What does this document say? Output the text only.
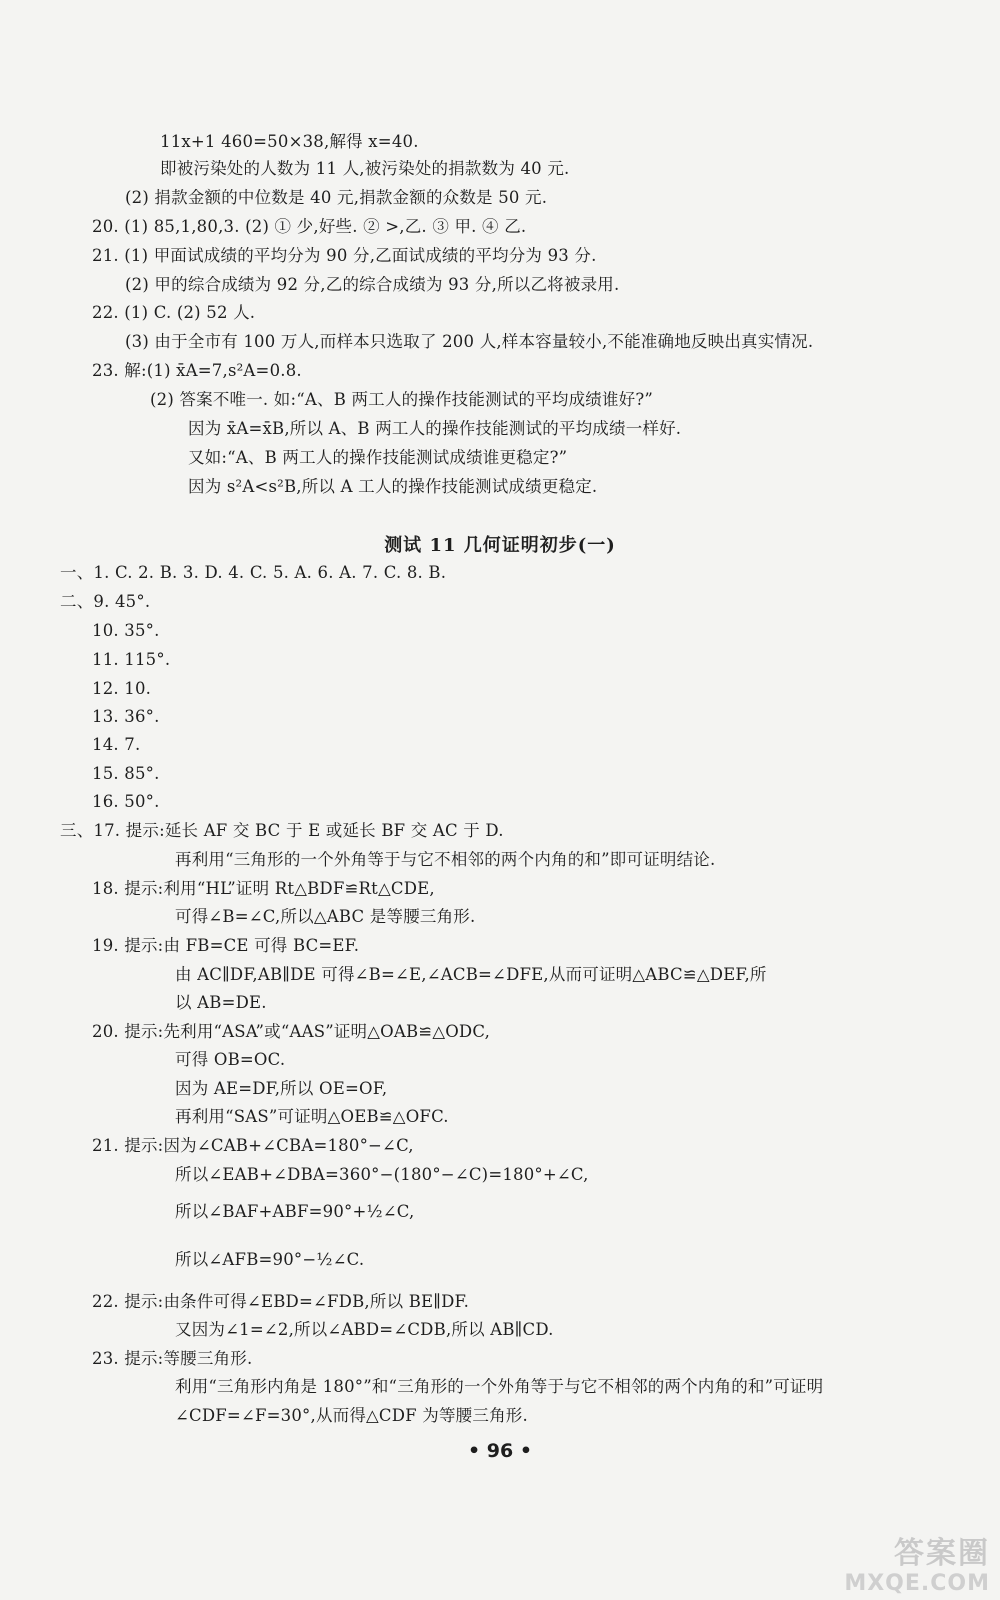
11x+1 460=50×38,解得 x=40.
即被污染处的人数为 11 人,被污染处的捐款数为 40 元.
(2) 捐款金额的中位数是 40 元,捐款金额的众数是 50 元.
20. (1) 85,1,80,3. (2) ① 少,好些. ② >,乙. ③ 甲. ④ 乙.
21. (1) 甲面试成绩的平均分为 90 分,乙面试成绩的平均分为 93 分.
(2) 甲的综合成绩为 92 分,乙的综合成绩为 93 分,所以乙将被录用.
22. (1) C. (2) 52 人.
(3) 由于全市有 100 万人,而样本只选取了 200 人,样本容量较小,不能准确地反映出真实情况.
23. 解:(1) x̄A=7,s²A=0.8.
(2) 答案不唯一. 如:“A、B 两工人的操作技能测试的平均成绩谁好?”
因为 x̄A=x̄B,所以 A、B 两工人的操作技能测试的平均成绩一样好.
又如:“A、B 两工人的操作技能测试成绩谁更稳定?”
因为 s²A<s²B,所以 A 工人的操作技能测试成绩更稳定.
一、1. C. 2. B. 3. D. 4. C. 5. A. 6. A. 7. C. 8. B.
二、9. 45°.
10. 35°.
11. 115°.
12. 10.
13. 36°.
14. 7.
15. 85°.
16. 50°.
三、17. 提示:延长 AF 交 BC 于 E 或延长 BF 交 AC 于 D.
再利用“三角形的一个外角等于与它不相邻的两个内角的和”即可证明结论.
18. 提示:利用“HL”证明 Rt△BDF≌Rt△CDE,
可得∠B=∠C,所以△ABC 是等腰三角形.
19. 提示:由 FB=CE 可得 BC=EF.
由 AC∥DF,AB∥DE 可得∠B=∠E,∠ACB=∠DFE,从而可证明△ABC≌△DEF,所
以 AB=DE.
20. 提示:先利用“ASA”或“AAS”证明△OAB≌△ODC,
可得 OB=OC.
因为 AE=DF,所以 OE=OF,
再利用“SAS”可证明△OEB≌△OFC.
21. 提示:因为∠CAB+∠CBA=180°−∠C,
所以∠EAB+∠DBA=360°−(180°−∠C)=180°+∠C,
所以∠BAF+ABF=90°+½∠C,
所以∠AFB=90°−½∠C.
22. 提示:由条件可得∠EBD=∠FDB,所以 BE∥DF.
又因为∠1=∠2,所以∠ABD=∠CDB,所以 AB∥CD.
23. 提示:等腰三角形.
利用“三角形内角是 180°”和“三角形的一个外角等于与它不相邻的两个内角的和”可证明
∠CDF=∠F=30°,从而得△CDF 为等腰三角形.
测试 11 几何证明初步(一)
• 96 •
答案圈
MXQE.COM
